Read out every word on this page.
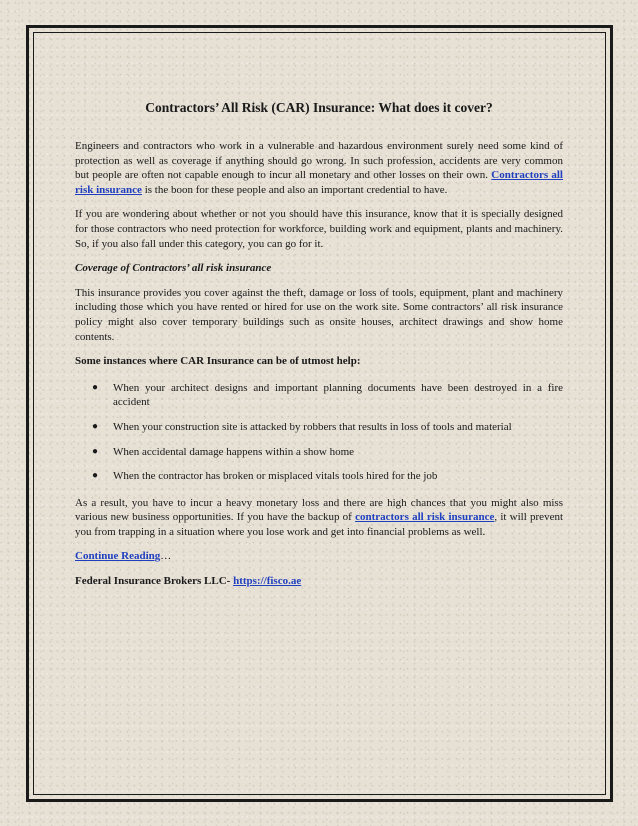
Contractors’ All Risk (CAR) Insurance: What does it cover?

Engineers and contractors who work in a vulnerable and hazardous environment surely need some kind of protection as well as coverage if anything should go wrong. In such profession, accidents are very common but people are often not capable enough to incur all monetary and other losses on their own. Contractors all risk insurance is the boon for these people and also an important credential to have.

If you are wondering about whether or not you should have this insurance, know that it is specially designed for those contractors who need protection for workforce, building work and equipment, plants and machinery. So, if you also fall under this category, you can go for it.

Coverage of Contractors’ all risk insurance

This insurance provides you cover against the theft, damage or loss of tools, equipment, plant and machinery including those which you have rented or hired for use on the work site. Some contractors’ all risk insurance policy might also cover temporary buildings such as onsite houses, architect drawings and show home contents.

Some instances where CAR Insurance can be of utmost help:

● When your architect designs and important planning documents have been destroyed in a fire accident
● When your construction site is attacked by robbers that results in loss of tools and material
● When accidental damage happens within a show home
● When the contractor has broken or misplaced vitals tools hired for the job

As a result, you have to incur a heavy monetary loss and there are high chances that you might also miss various new business opportunities. If you have the backup of contractors all risk insurance, it will prevent you from trapping in a situation where you lose work and get into financial problems as well.

Continue Reading…

Federal Insurance Brokers LLC- https://fisco.ae
